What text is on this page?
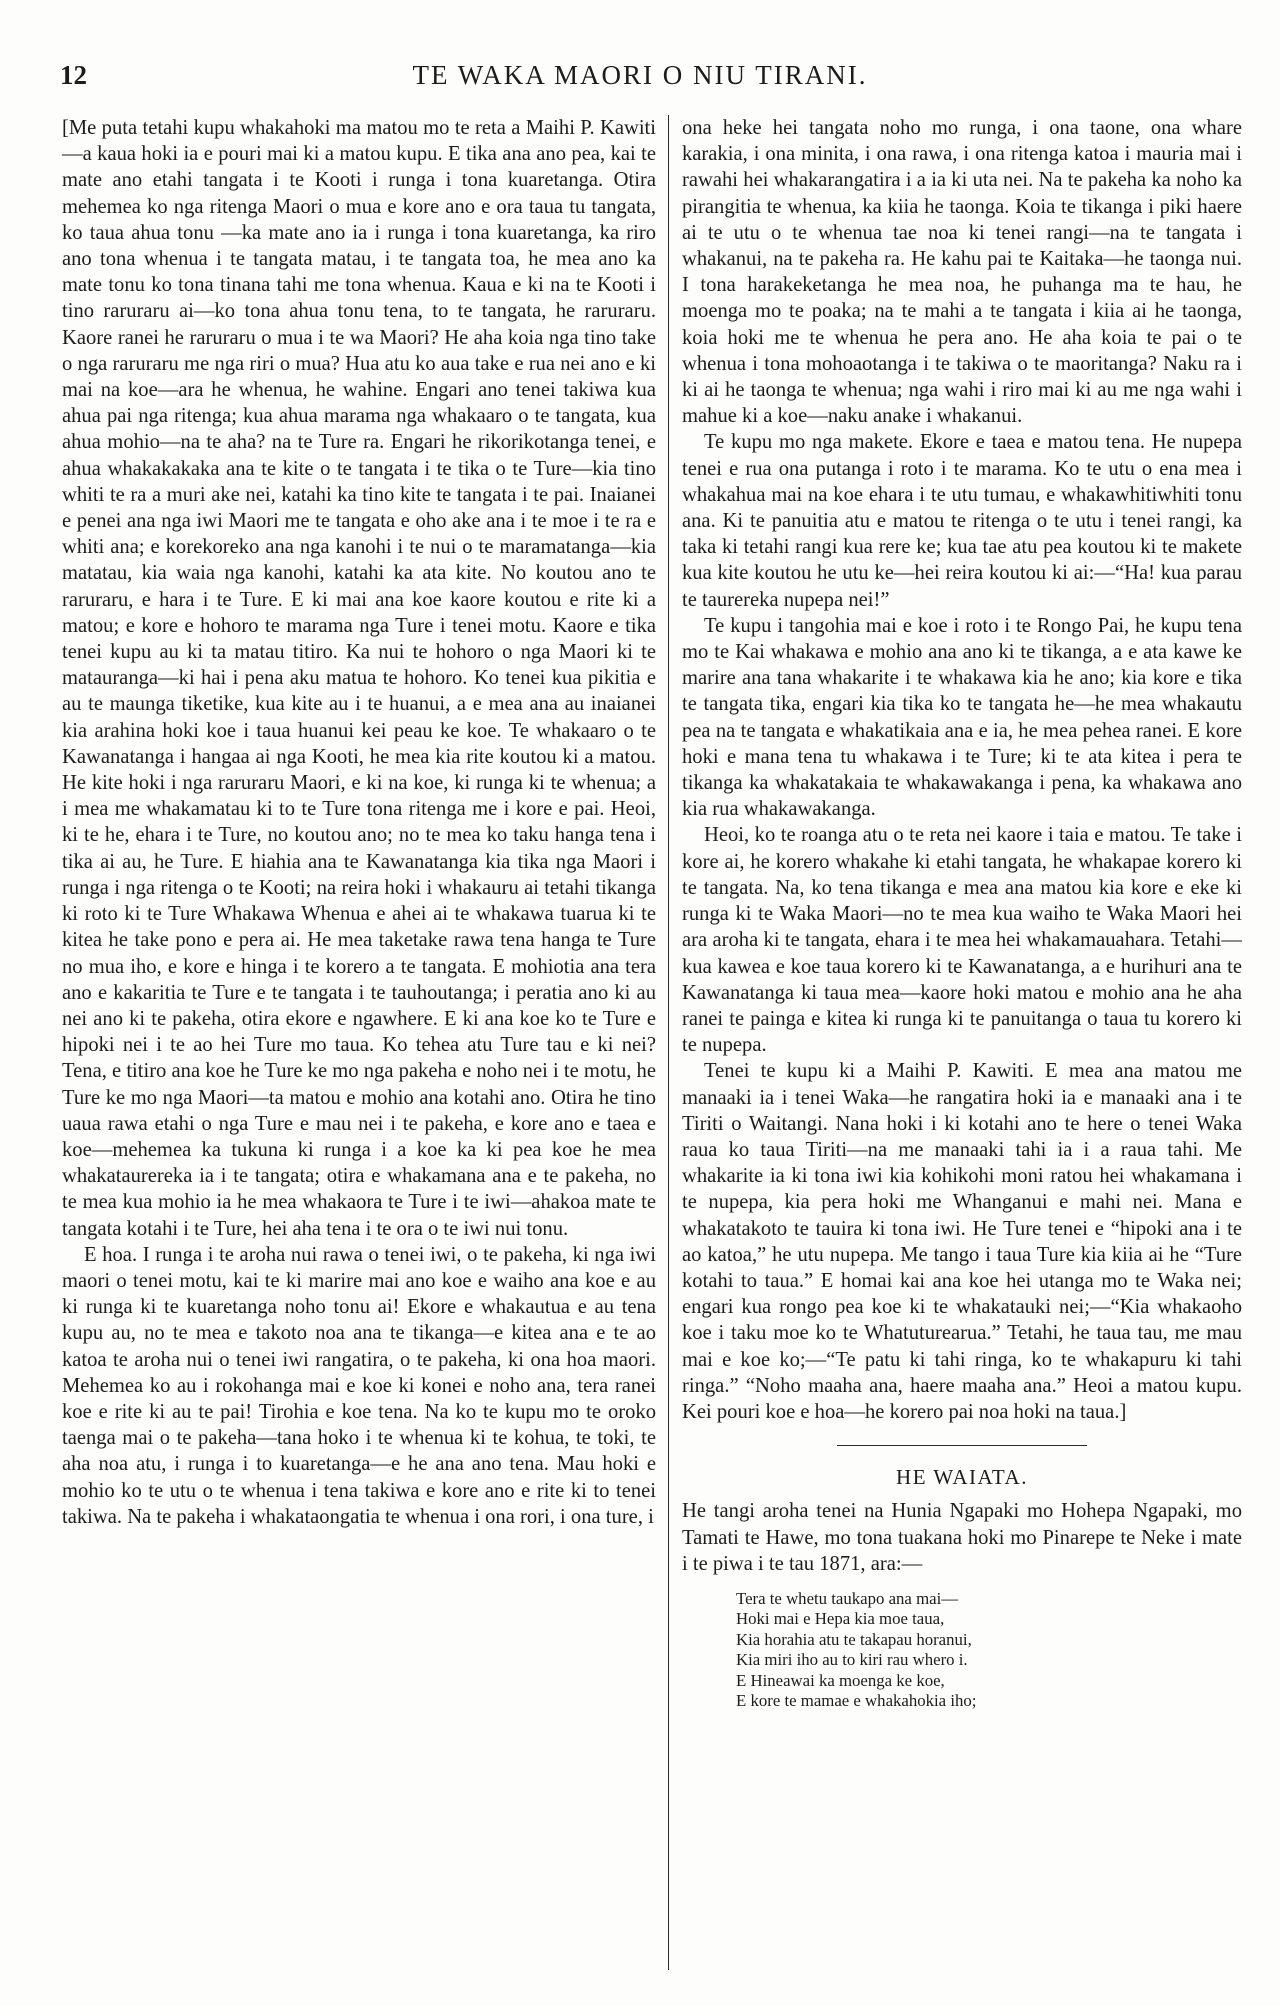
12	TE WAKA MAORI O NIU TIRANI.

[Me puta tetahi kupu whakahoki ma matou mo te reta a Maihi P. Kawiti—a kaua hoki ia e pouri mai ki a matou kupu. E tika ana ano pea, kai te mate ano etahi tangata i te Kooti i runga i tona kuaretanga. Otira mehemea ko nga ritenga Maori o mua e kore ano e ora taua tu tangata, ko taua ahua tonu —ka mate ano ia i runga i tona kuaretanga, ka riro ano tona whenua i te tangata matau, i te tangata toa, he mea ano ka mate tonu ko tona tinana tahi me tona whenua. Kaua e ki na te Kooti i tino raruraru ai—ko tona ahua tonu tena, to te tangata, he raruraru. Kaore ranei he raruraru o mua i te wa Maori? He aha koia nga tino take o nga raruraru me nga riri o mua? Hua atu ko aua take e rua nei ano e ki mai na koe—ara he whenua, he wahine. Engari ano tenei takiwa kua ahua pai nga ritenga; kua ahua marama nga whakaaro o te tangata, kua ahua mohio—na te aha? na te Ture ra. Engari he rikorikotanga tenei, e ahua whakakakaka ana te kite o te tangata i te tika o te Ture—kia tino whiti te ra a muri ake nei, katahi ka tino kite te tangata i te pai. Inaianei e penei ana nga iwi Maori me te tangata e oho ake ana i te moe i te ra e whiti ana; e korekoreko ana nga kanohi i te nui o te maramatanga—kia matatau, kia waia nga kanohi, katahi ka ata kite. No koutou ano te raruraru, e hara i te Ture. E ki mai ana koe kaore koutou e rite ki a matou; e kore e hohoro te marama nga Ture i tenei motu. Kaore e tika tenei kupu au ki ta matau titiro. Ka nui te hohoro o nga Maori ki te matauranga—ki hai i pena aku matua te hohoro. Ko tenei kua pikitia e au te maunga tiketike, kua kite au i te huanui, a e mea ana au inaianei kia arahina hoki koe i taua huanui kei peau ke koe. Te whakaaro o te Kawanatanga i hangaa ai nga Kooti, he mea kia rite koutou ki a matou. He kite hoki i nga raruraru Maori, e ki na koe, ki runga ki te whenua; a i mea me whakamatau ki to te Ture tona ritenga me i kore e pai. Heoi, ki te he, ehara i te Ture, no koutou ano; no te mea ko taku hanga tena i tika ai au, he Ture. E hiahia ana te Kawanatanga kia tika nga Maori i runga i nga ritenga o te Kooti; na reira hoki i whakauru ai tetahi tikanga ki roto ki te Ture Whakawa Whenua e ahei ai te whakawa tuarua ki te kitea he take pono e pera ai. He mea taketake rawa tena hanga te Ture no mua iho, e kore e hinga i te korero a te tangata. E mohiotia ana tera ano e kakaritia te Ture e te tangata i te tauhoutanga; i peratia ano ki au nei ano ki te pakeha, otira ekore e ngawhere. E ki ana koe ko te Ture e hipoki nei i te ao hei Ture mo taua. Ko tehea atu Ture tau e ki nei? Tena, e titiro ana koe he Ture ke mo nga pakeha e noho nei i te motu, he Ture ke mo nga Maori—ta matou e mohio ana kotahi ano. Otira he tino uaua rawa etahi o nga Ture e mau nei i te pakeha, e kore ano e taea e koe—mehemea ka tukuna ki runga i a koe ka ki pea koe he mea whakataurereka ia i te tangata; otira e whakamana ana e te pakeha, no te mea kua mohio ia he mea whakaora te Ture i te iwi—ahakoa mate te tangata kotahi i te Ture, hei aha tena i te ora o te iwi nui tonu.

E hoa. I runga i te aroha nui rawa o tenei iwi, o te pakeha, ki nga iwi maori o tenei motu, kai te ki marire mai ano koe e waiho ana koe e au ki runga ki te kuaretanga noho tonu ai! Ekore e whakautua e au tena kupu au, no te mea e takoto noa ana te tikanga—e kitea ana e te ao katoa te aroha nui o tenei iwi rangatira, o te pakeha, ki ona hoa maori. Mehemea ko au i rokohanga mai e koe ki konei e noho ana, tera ranei koe e rite ki au te pai! Tirohia e koe tena. Na ko te kupu mo te oroko taenga mai o te pakeha—tana hoko i te whenua ki te kohua, te toki, te aha noa atu, i runga i to kuaretanga—e he ana ano tena. Mau hoki e mohio ko te utu o te whenua i tena takiwa e kore ano e rite ki to tenei takiwa. Na te pakeha i whakataongatia te whenua i ona rori, i ona ture, i

ona heke hei tangata noho mo runga, i ona taone, ona whare karakia, i ona minita, i ona rawa, i ona ritenga katoa i mauria mai i rawahi hei whakarangatira i a ia ki uta nei. Na te pakeha ka noho ka pirangitia te whenua, ka kiia he taonga. Koia te tikanga i piki haere ai te utu o te whenua tae noa ki tenei rangi—na te tangata i whakanui, na te pakeha ra. He kahu pai te Kaitaka—he taonga nui. I tona harakeketanga he mea noa, he puhanga ma te hau, he moenga mo te poaka; na te mahi a te tangata i kiia ai he taonga, koia hoki me te whenua he pera ano. He aha koia te pai o te whenua i tona mohoaotanga i te takiwa o te maoritanga? Naku ra i ki ai he taonga te whenua; nga wahi i riro mai ki au me nga wahi i mahue ki a koe—naku anake i whakanui.

Te kupu mo nga makete. Ekore e taea e matou tena. He nupepa tenei e rua ona putanga i roto i te marama. Ko te utu o ena mea i whakahua mai na koe ehara i te utu tumau, e whakawhitiwhiti tonu ana. Ki te panuitia atu e matou te ritenga o te utu i tenei rangi, ka taka ki tetahi rangi kua rere ke; kua tae atu pea koutou ki te makete kua kite koutou he utu ke—hei reira koutou ki ai:—“Ha! kua parau te taurereka nupepa nei!”

Te kupu i tangohia mai e koe i roto i te Rongo Pai, he kupu tena mo te Kai whakawa e mohio ana ano ki te tikanga, a e ata kawe ke marire ana tana whakarite i te whakawa kia he ano; kia kore e tika te tangata tika, engari kia tika ko te tangata he—he mea whakautu pea na te tangata e whakatikaia ana e ia, he mea pehea ranei. E kore hoki e mana tena tu whakawa i te Ture; ki te ata kitea i pera te tikanga ka whakatakaia te whakawakanga i pena, ka whakawa ano kia rua whakawakanga.

Heoi, ko te roanga atu o te reta nei kaore i taia e matou. Te take i kore ai, he korero whakahe ki etahi tangata, he whakapae korero ki te tangata. Na, ko tena tikanga e mea ana matou kia kore e eke ki runga ki te Waka Maori—no te mea kua waiho te Waka Maori hei ara aroha ki te tangata, ehara i te mea hei whakamauahara. Tetahi—kua kawea e koe taua korero ki te Kawanatanga, a e hurihuri ana te Kawanatanga ki taua mea—kaore hoki matou e mohio ana he aha ranei te painga e kitea ki runga ki te panuitanga o taua tu korero ki te nupepa.

Tenei te kupu ki a Maihi P. Kawiti. E mea ana matou me manaaki ia i tenei Waka—he rangatira hoki ia e manaaki ana i te Tiriti o Waitangi. Nana hoki i ki kotahi ano te here o tenei Waka raua ko taua Tiriti—na me manaaki tahi ia i a raua tahi. Me whakarite ia ki tona iwi kia kohikohi moni ratou hei whakamana i te nupepa, kia pera hoki me Whanganui e mahi nei. Mana e whakatakoto te tauira ki tona iwi. He Ture tenei e “hipoki ana i te ao katoa,” he utu nupepa. Me tango i taua Ture kia kiia ai he “Ture kotahi to taua.” E homai kai ana koe hei utanga mo te Waka nei; engari kua rongo pea koe ki te whakatauki nei;—“Kia whakaoho koe i taku moe ko te Whatuturearua.” Tetahi, he taua tau, me mau mai e koe ko;—“Te patu ki tahi ringa, ko te whakapuru ki tahi ringa.” “Noho maaha ana, haere maaha ana.” Heoi a matou kupu. Kei pouri koe e hoa—he korero pai noa hoki na taua.]

HE WAIATA.

He tangi aroha tenei na Hunia Ngapaki mo Hohepa Ngapaki, mo Tamati te Hawe, mo tona tuakana hoki mo Pinarepe te Neke i mate i te piwa i te tau 1871, ara:—

Tera te whetu taukapo ana mai—
Hoki mai e Hepa kia moe taua,
Kia horahia atu te takapau horanui,
Kia miri iho au to kiri rau whero i.
E Hineawai ka moenga ke koe,
E kore te mamae e whakahokia iho;
